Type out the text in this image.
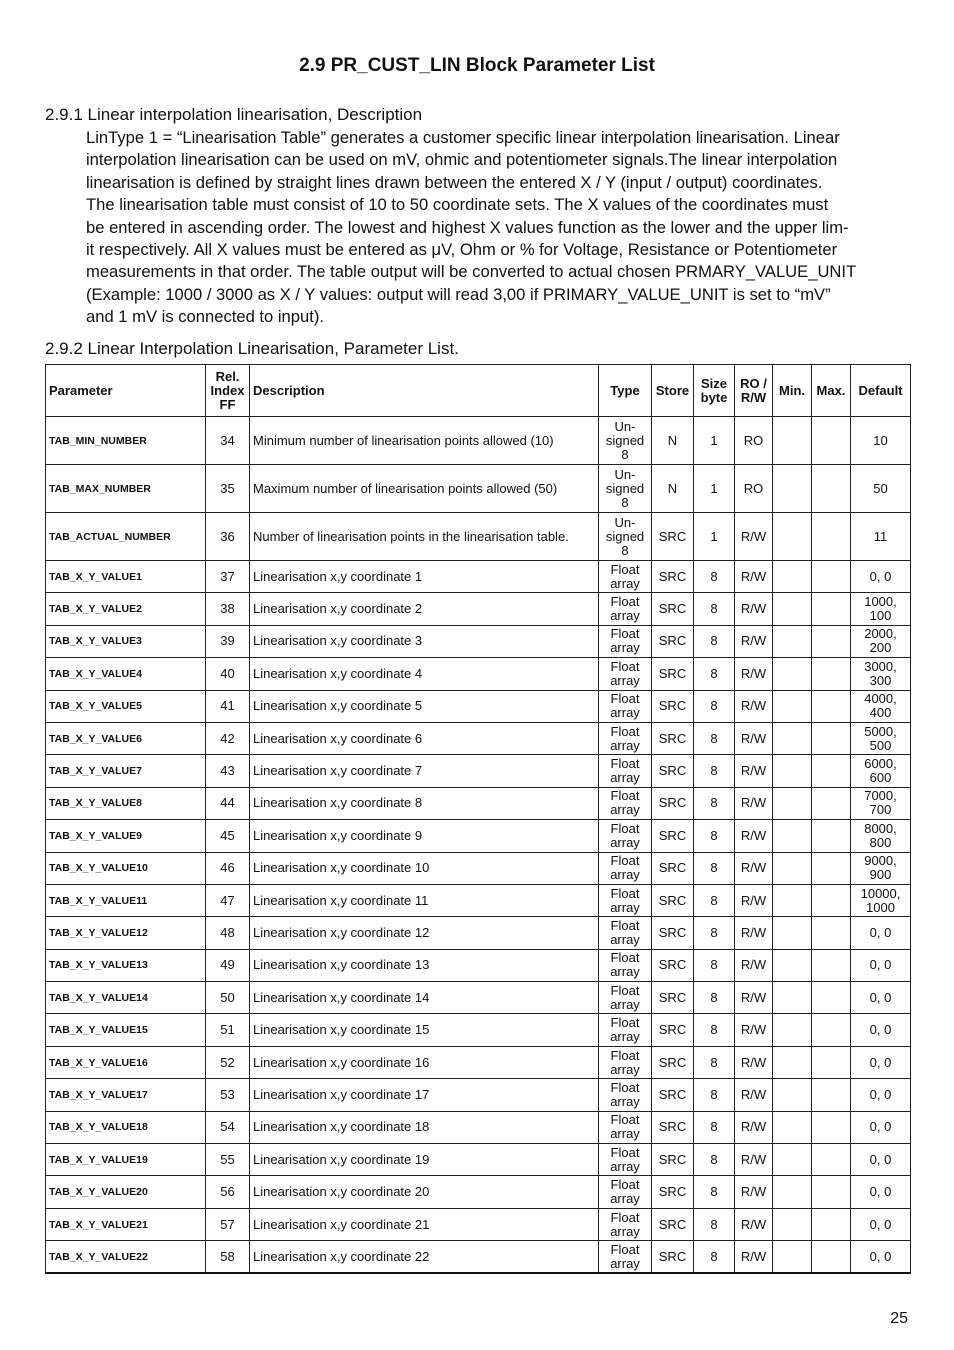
2.9 PR_CUST_LIN Block Parameter List
2.9.1 Linear interpolation linearisation, Description

LinType 1 = “Linearisation Table” generates a customer specific linear interpolation linearisation. Linear
interpolation linearisation can be used on mV, ohmic and potentiometer signals.The linear interpolation
linearisation is defined by straight lines drawn between the entered X / Y (input / output) coordinates.
The linearisation table must consist of 10 to 50 coordinate sets. The X values of the coordinates must
be entered in ascending order. The lowest and highest X values function as the lower and the upper lim-
it respectively. All X values must be entered as μV, Ohm or % for Voltage, Resistance or Potentiometer
measurements in that order. The table output will be converted to actual chosen PRMARY_VALUE_UNIT
(Example: 1000 / 3000 as X / Y values: output will read 3,00 if PRIMARY_VALUE_UNIT is set to “mV”
and 1 mV is connected to input).

2.9.2 Linear Interpolation Linearisation, Parameter List.
Parameter	Rel.
Index
FF	Description	Type	Store	Size
byte	RO /
R/W	Min.	Max.	Default
TAB_MIN_NUMBER	34	Minimum number of linearisation points allowed (10)	Un-
signed
8	N	1	RO			10
TAB_MAX_NUMBER	35	Maximum number of linearisation points allowed (50)	Un-
signed
8	N	1	RO			50
TAB_ACTUAL_NUMBER	36	Number of linearisation points in the linearisation table.	Un-
signed
8	SRC	1	R/W			11
TAB_X_Y_VALUE1	37	Linearisation x,y coordinate 1	Float
array	SRC	8	R/W			0, 0
TAB_X_Y_VALUE2	38	Linearisation x,y coordinate 2	Float
array	SRC	8	R/W			1000,
100
TAB_X_Y_VALUE3	39	Linearisation x,y coordinate 3	Float
array	SRC	8	R/W			2000,
200
TAB_X_Y_VALUE4	40	Linearisation x,y coordinate 4	Float
array	SRC	8	R/W			3000,
300
TAB_X_Y_VALUE5	41	Linearisation x,y coordinate 5	Float
array	SRC	8	R/W			4000,
400
TAB_X_Y_VALUE6	42	Linearisation x,y coordinate 6	Float
array	SRC	8	R/W			5000,
500
TAB_X_Y_VALUE7	43	Linearisation x,y coordinate 7	Float
array	SRC	8	R/W			6000,
600
TAB_X_Y_VALUE8	44	Linearisation x,y coordinate 8	Float
array	SRC	8	R/W			7000,
700
TAB_X_Y_VALUE9	45	Linearisation x,y coordinate 9	Float
array	SRC	8	R/W			8000,
800
TAB_X_Y_VALUE10	46	Linearisation x,y coordinate 10	Float
array	SRC	8	R/W			9000,
900
TAB_X_Y_VALUE11	47	Linearisation x,y coordinate 11	Float
array	SRC	8	R/W			10000,
1000
TAB_X_Y_VALUE12	48	Linearisation x,y coordinate 12	Float
array	SRC	8	R/W			0, 0
TAB_X_Y_VALUE13	49	Linearisation x,y coordinate 13	Float
array	SRC	8	R/W			0, 0
TAB_X_Y_VALUE14	50	Linearisation x,y coordinate 14	Float
array	SRC	8	R/W			0, 0
TAB_X_Y_VALUE15	51	Linearisation x,y coordinate 15	Float
array	SRC	8	R/W			0, 0
TAB_X_Y_VALUE16	52	Linearisation x,y coordinate 16	Float
array	SRC	8	R/W			0, 0
TAB_X_Y_VALUE17	53	Linearisation x,y coordinate 17	Float
array	SRC	8	R/W			0, 0
TAB_X_Y_VALUE18	54	Linearisation x,y coordinate 18	Float
array	SRC	8	R/W			0, 0
TAB_X_Y_VALUE19	55	Linearisation x,y coordinate 19	Float
array	SRC	8	R/W			0, 0
TAB_X_Y_VALUE20	56	Linearisation x,y coordinate 20	Float
array	SRC	8	R/W			0, 0
TAB_X_Y_VALUE21	57	Linearisation x,y coordinate 21	Float
array	SRC	8	R/W			0, 0
TAB_X_Y_VALUE22	58	Linearisation x,y coordinate 22	Float
array	SRC	8	R/W			0, 0

25
